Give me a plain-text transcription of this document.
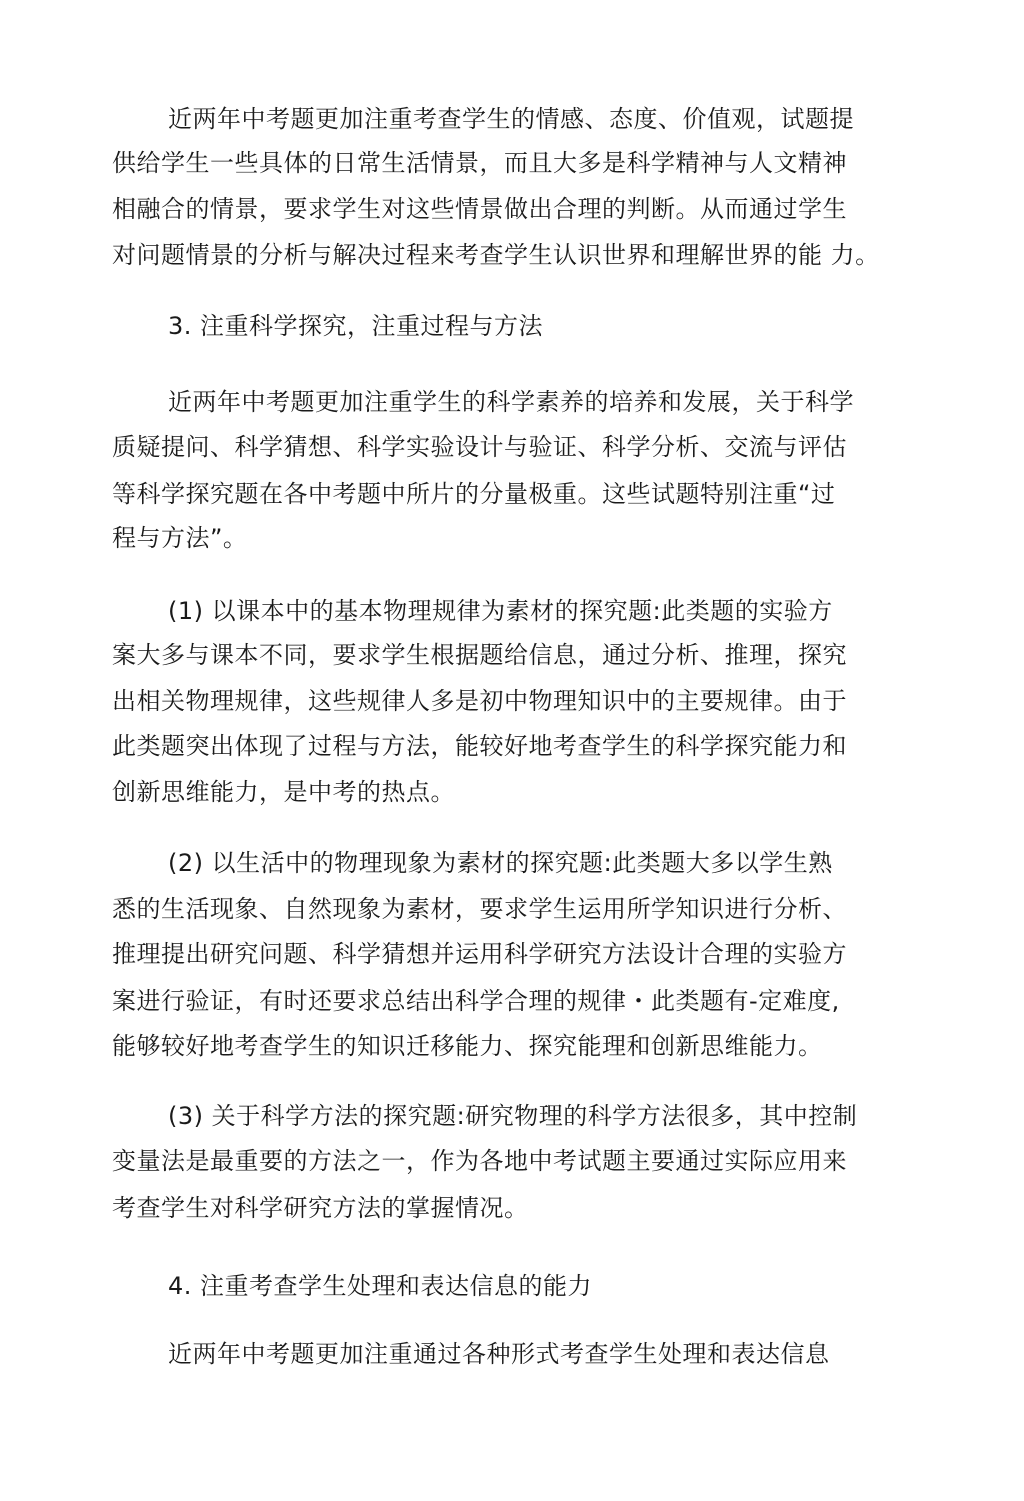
近两年中考题更加注重考查学生的情感、态度、价值观，试题提
供给学生一些具体的日常生活情景，而且大多是科学精神与人文精神
相融合的情景，要求学生对这些情景做出合理的判断。从而通过学生
对问题情景的分析与解决过程来考查学生认识世界和理解世界的能 力。
3. 注重科学探究，注重过程与方法
近两年中考题更加注重学生的科学素养的培养和发展，关于科学
质疑提问、科学猜想、科学实验设计与验证、科学分析、交流与评估
等科学探究题在各中考题中所片的分量极重。这些试题特别注重“过
程与方法”。
(1) 以课本中的基本物理规律为素材的探究题:此类题的实验方
案大多与课本不同，要求学生根据题给信息，通过分析、推理，探究
出相关物理规律，这些规律人多是初中物理知识中的主要规律。由于
此类题突出体现了过程与方法，能较好地考查学生的科学探究能力和
创新思维能力，是中考的热点。
(2) 以生活中的物理现象为素材的探究题:此类题大多以学生熟
悉的生活现象、自然现象为素材，要求学生运用所学知识进行分析、
推理提出研究问题、科学猜想并运用科学研究方法设计合理的实验方
案进行验证，有时还要求总结出科学合理的规律・此类题有-定难度,
能够较好地考查学生的知识迁移能力、探究能理和创新思维能力。
(3) 关于科学方法的探究题:研究物理的科学方法很多，其中控制
变量法是最重要的方法之一，作为各地中考试题主要通过实际应用来
考查学生对科学研究方法的掌握情况。
4. 注重考查学生处理和表达信息的能力
近两年中考题更加注重通过各种形式考查学生处理和表达信息
